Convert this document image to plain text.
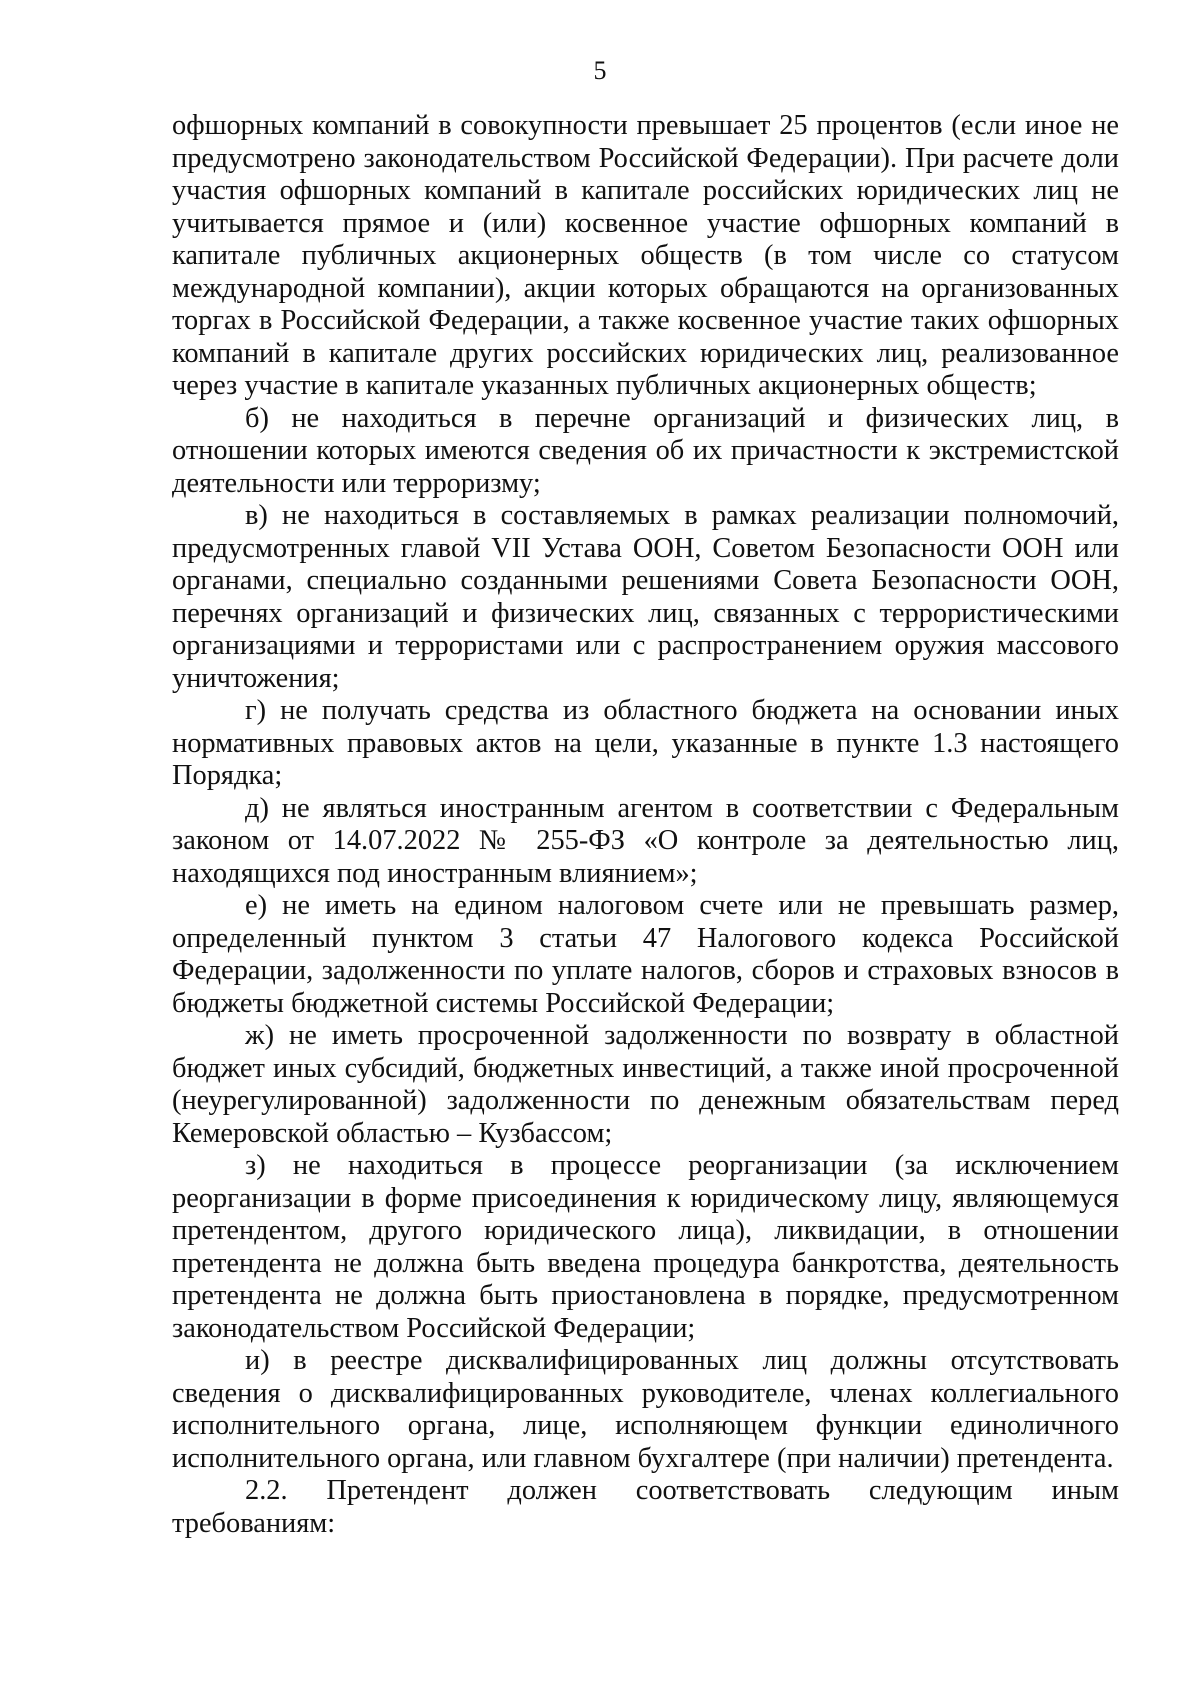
5

офшорных компаний в совокупности превышает 25 процентов (если иное не предусмотрено законодательством Российской Федерации). При расчете доли участия офшорных компаний в капитале российских юридических лиц не учитывается прямое и (или) косвенное участие офшорных компаний в капитале публичных акционерных обществ (в том числе со статусом международной компании), акции которых обращаются на организованных торгах в Российской Федерации, а также косвенное участие таких офшорных компаний в капитале других российских юридических лиц, реализованное через участие в капитале указанных публичных акционерных обществ;

б) не находиться в перечне организаций и физических лиц, в отношении которых имеются сведения об их причастности к экстремистской деятельности или терроризму;

в) не находиться в составляемых в рамках реализации полномочий, предусмотренных главой VII Устава ООН, Советом Безопасности ООН или органами, специально созданными решениями Совета Безопасности ООН, перечнях организаций и физических лиц, связанных с террористическими организациями и террористами или с распространением оружия массового уничтожения;

г) не получать средства из областного бюджета на основании иных нормативных правовых актов на цели, указанные в пункте 1.3 настоящего Порядка;

д) не являться иностранным агентом в соответствии с Федеральным законом от 14.07.2022 № 255-ФЗ «О контроле за деятельностью лиц, находящихся под иностранным влиянием»;

е) не иметь на едином налоговом счете или не превышать размер, определенный пунктом 3 статьи 47 Налогового кодекса Российской Федерации, задолженности по уплате налогов, сборов и страховых взносов в бюджеты бюджетной системы Российской Федерации;

ж) не иметь просроченной задолженности по возврату в областной бюджет иных субсидий, бюджетных инвестиций, а также иной просроченной (неурегулированной) задолженности по денежным обязательствам перед Кемеровской областью – Кузбассом;

з) не находиться в процессе реорганизации (за исключением реорганизации в форме присоединения к юридическому лицу, являющемуся претендентом, другого юридического лица), ликвидации, в отношении претендента не должна быть введена процедура банкротства, деятельность претендента не должна быть приостановлена в порядке, предусмотренном законодательством Российской Федерации;

и) в реестре дисквалифицированных лиц должны отсутствовать сведения о дисквалифицированных руководителе, членах коллегиального исполнительного органа, лице, исполняющем функции единоличного исполнительного органа, или главном бухгалтере (при наличии) претендента.

2.2. Претендент должен соответствовать следующим иным требованиям:
